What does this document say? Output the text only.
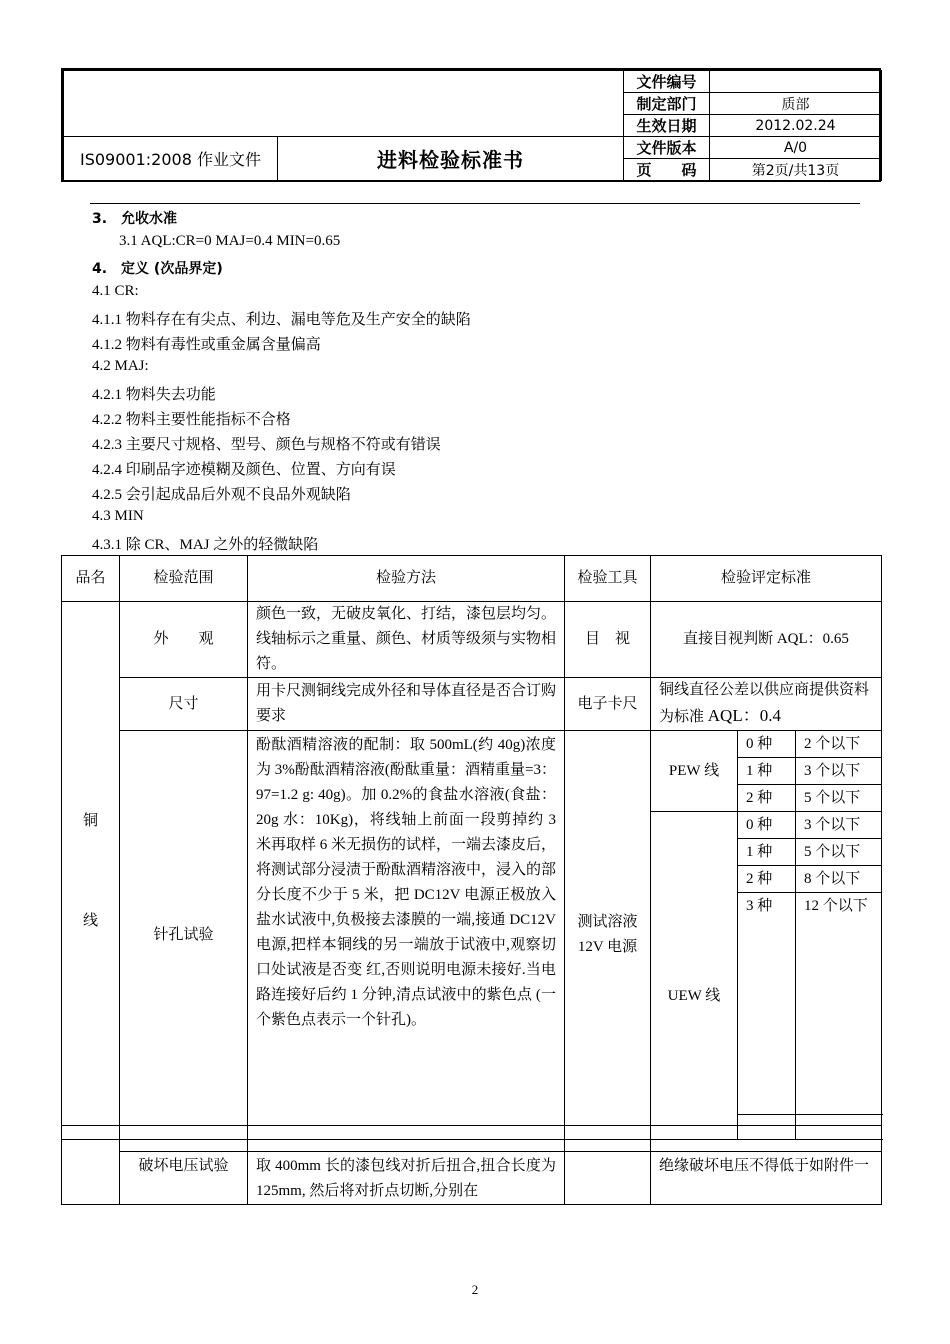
		文件编号	
		制定部门	质部
		生效日期	2012.02.24
IS09001:2008 作业文件	进料检验标准书	文件版本	A/0
		页　　码	第2页/共13页
3.　允收水准
3.1 AQL:CR=0 MAJ=0.4 MIN=0.65
4.　定义 (次品界定)
4.1 CR:
4.1.1 物料存在有尖点、利边、漏电等危及生产安全的缺陷
4.1.2 物料有毒性或重金属含量偏高
4.2 MAJ:
4.2.1 物料失去功能
4.2.2 物料主要性能指标不合格
4.2.3 主要尺寸规格、型号、颜色与规格不符或有错误
4.2.4 印刷品字迹模糊及颜色、位置、方向有误
4.2.5 会引起成品后外观不良品外观缺陷
4.3 MIN
4.3.1 除 CR、MAJ 之外的轻微缺陷
品名	检验范围	检验方法	检验工具	检验评定标准			

铜
线	外　　观	颜色一致，无破皮氧化、打结，漆包层均匀。线轴标示之重量、颜色、材质等级须与实物相符。	目　视	直接目视判断 AQL：0.65			
	尺寸	用卡尺测铜线完成外径和导体直径是否合订购要求	电子卡尺	铜线直径公差以供应商提供资料为标准 AQL：0.4			
	针孔试验	酚酞酒精溶液的配制：取 500mL(约 40g)浓度为 3%酚酞酒精溶液(酚酞重量：酒精重量=3：97=1.2 g: 40g)。加 0.2%的食盐水溶液(食盐：20g 水：10Kg)，将线轴上前面一段剪掉约 3 米再取样 6 米无损伤的试样，一端去漆皮后，将测试部分浸渍于酚酞酒精溶液中，浸入的部分长度不少于 5 米，把 DC12V 电源正极放入盐水试液中,负极接去漆膜的一端,接通 DC12V 电源,把样本铜线的另一端放于试液中,观察切口处试液是否变 红,否则说明电源未接好.当电路连接好后约 1 分钟,清点试液中的紫色点 (一个紫色点表示一个针孔)。	测试溶液 12V 电源	PEW 线	0 种	2 个以下	
					1 种	3 个以下	
					2 种	5 个以下	
				UEW 线	0 种	3 个以下	
					1 种	5 个以下	
					2 种	8 个以下	
					3 种	12 个以下	

	破坏电压试验	取 400mm 长的漆包线对折后扭合,扭合长度为 125mm, 然后将对折点切断,分别在		绝缘破坏电压不得低于如附件一
2
